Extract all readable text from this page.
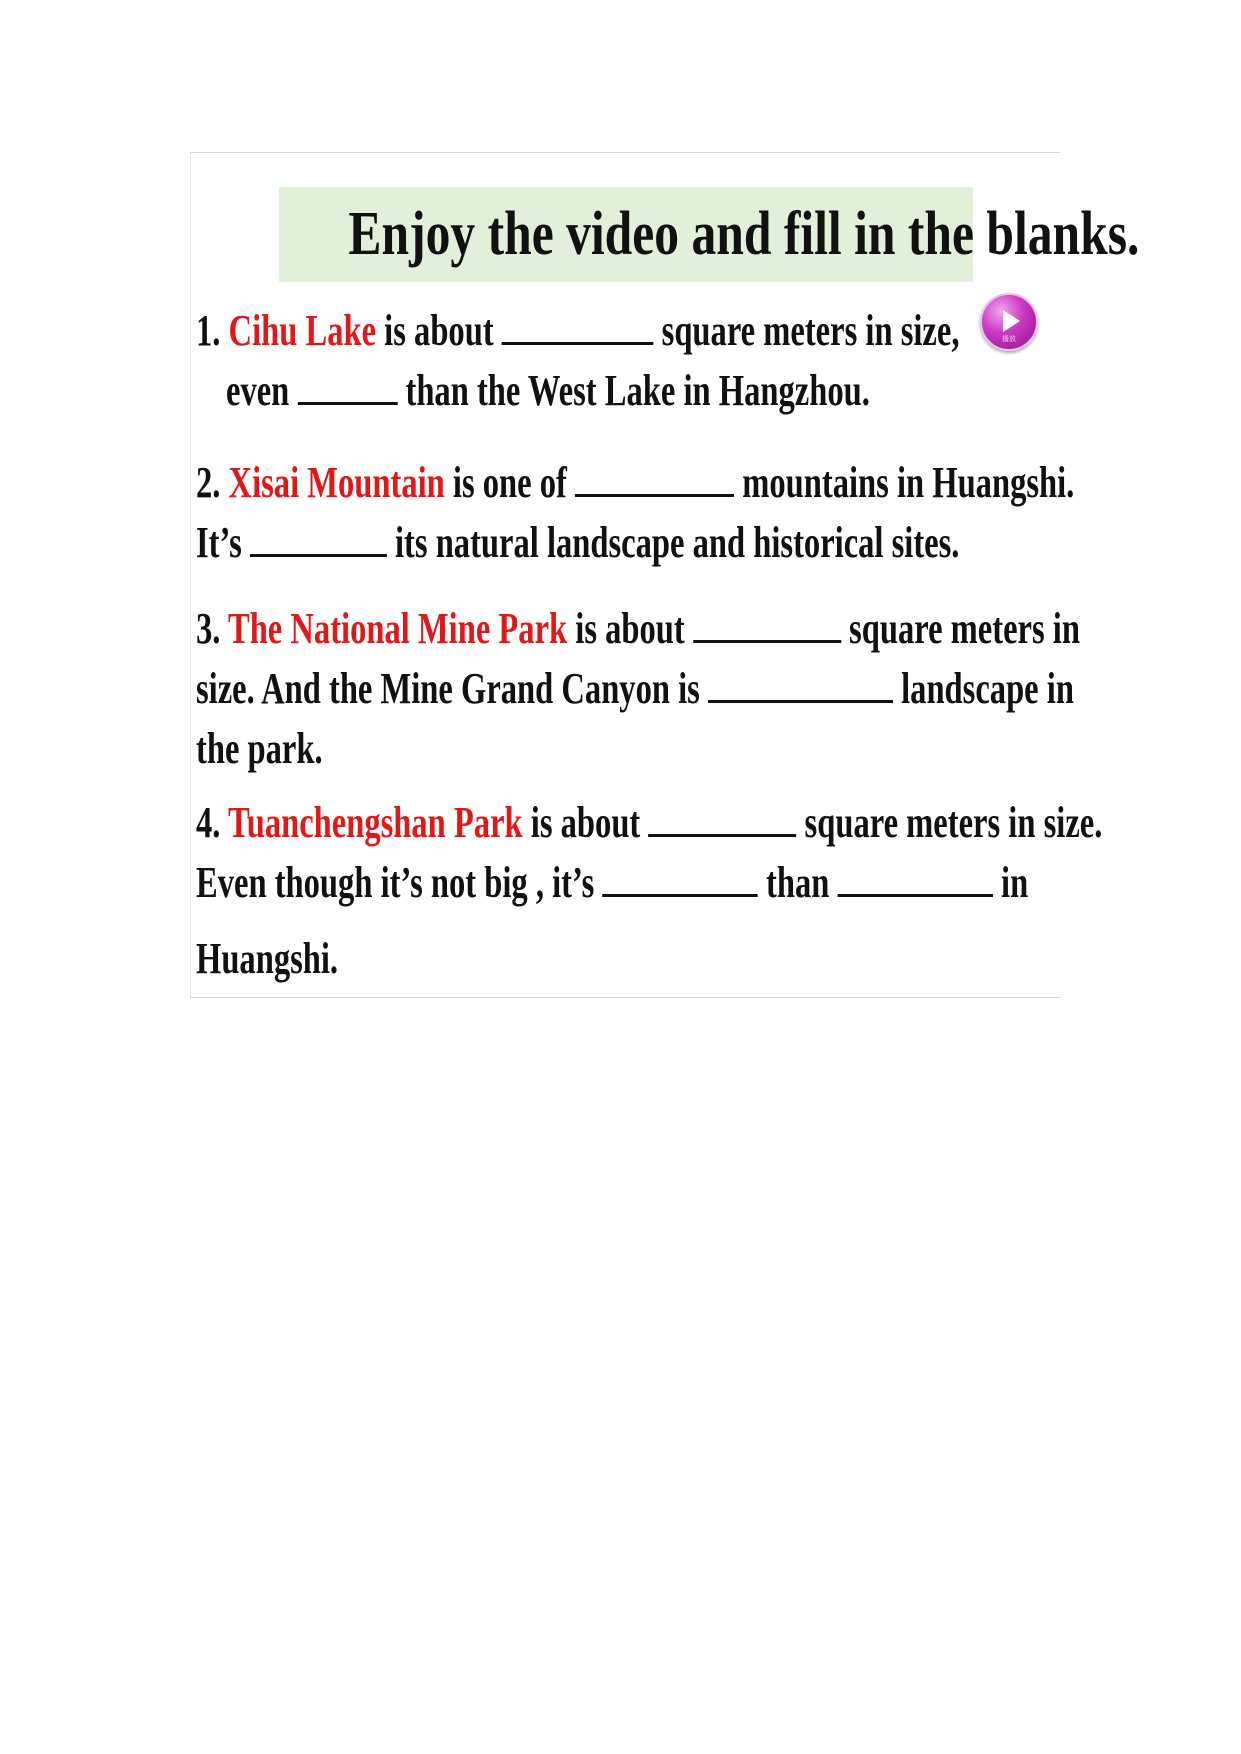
Enjoy the video and fill in the blanks.
播放
1. Cihu Lake is about	square meters in size,
even  than the West Lake in Hangzhou.
2. Xisai Mountain is one of	mountains in Huangshi.
It’s	its natural landscape and historical sites.
3. The National Mine Park is about	square meters in
size. And the Mine Grand Canyon is	landscape in
the park.
4. Tuanchengshan Park is about	square meters in size.
Even though it’s not big , it’s	than	in
Huangshi.
